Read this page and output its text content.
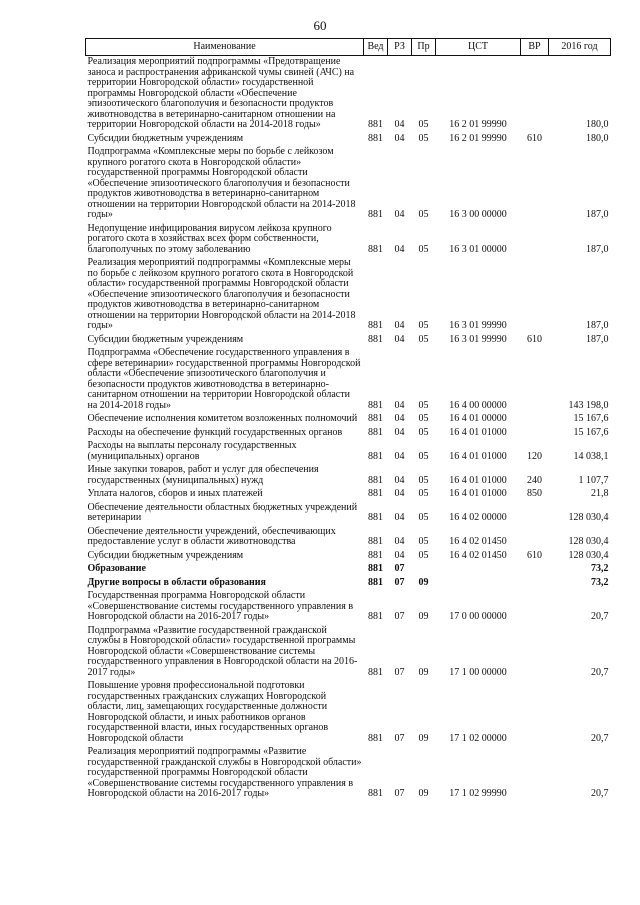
60
Наименование	Вед	РЗ	Пр	ЦСТ	ВР	2016 год
Реализация мероприятий подпрограммы «Предотвращение заноса и распространения африканской чумы свиней (АЧС) на территории Новгородской области» государственной программы Новгородской области «Обеспечение эпизоотического благополучия и безопасности продуктов животноводства в ветеринарно-санитарном отношении на территории Новгородской области на 2014-2018 годы»	881	04	05	16 2 01 99990		180,0
Субсидии бюджетным учреждениям	881	04	05	16 2 01 99990	610	180,0
Подпрограмма «Комплексные меры по борьбе с лейкозом крупного рогатого скота в Новгородской области» государственной программы Новгородской области «Обеспечение эпизоотического благополучия и безопасности продуктов животноводства в ветеринарно-санитарном отношении на территории Новгородской области на 2014-2018 годы»	881	04	05	16 3 00 00000		187,0
Недопущение инфицирования вирусом лейкоза крупного рогатого скота в хозяйствах всех форм собственности, благополучных по этому заболеванию	881	04	05	16 3 01 00000		187,0
Реализация мероприятий подпрограммы «Комплексные меры по борьбе с лейкозом крупного рогатого скота в Новгородской области» государственной программы Новгородской области «Обеспечение эпизоотического благополучия и безопасности продуктов животноводства в ветеринарно-санитарном отношении на территории Новгородской области на 2014-2018 годы»	881	04	05	16 3 01 99990		187,0
Субсидии бюджетным учреждениям	881	04	05	16 3 01 99990	610	187,0
Подпрограмма «Обеспечение государственного управления в сфере ветеринарии» государственной программы Новгородской области «Обеспечение эпизоотического благополучия и безопасности продуктов животноводства в ветеринарно-санитарном отношении на территории Новгородской области на 2014-2018 годы»	881	04	05	16 4 00 00000		143 198,0
Обеспечение исполнения комитетом возложенных полномочий	881	04	05	16 4 01 00000		15 167,6
Расходы на обеспечение функций государственных органов	881	04	05	16 4 01 01000		15 167,6
Расходы на выплаты персоналу государственных (муниципальных) органов	881	04	05	16 4 01 01000	120	14 038,1
Иные закупки товаров, работ и услуг для обеспечения государственных (муниципальных) нужд	881	04	05	16 4 01 01000	240	1 107,7
Уплата налогов, сборов и иных платежей	881	04	05	16 4 01 01000	850	21,8
Обеспечение деятельности областных бюджетных учреждений ветеринарии	881	04	05	16 4 02 00000		128 030,4
Обеспечение деятельности учреждений, обеспечивающих предоставление услуг в области животноводства	881	04	05	16 4 02 01450		128 030,4
Субсидии бюджетным учреждениям	881	04	05	16 4 02 01450	610	128 030,4
Образование	881	07				73,2
Другие вопросы в области образования	881	07	09			73,2
Государственная программа Новгородской области «Совершенствование системы государственного управления в Новгородской области на 2016-2017 годы»	881	07	09	17 0 00 00000		20,7
Подпрограмма «Развитие государственной гражданской службы в Новгородской области» государственной программы Новгородской области «Совершенствование системы государственного управления в Новгородской области на 2016-2017 годы»	881	07	09	17 1 00 00000		20,7
Повышение уровня профессиональной подготовки государственных гражданских служащих Новгородской области, лиц, замещающих государственные должности Новгородской области, и иных работников органов государственной власти, иных государственных органов Новгородской области	881	07	09	17 1 02 00000		20,7
Реализация мероприятий подпрограммы «Развитие государственной гражданской службы в Новгородской области» государственной программы Новгородской области «Совершенствование системы государственного управления в Новгородской области на 2016-2017 годы»	881	07	09	17 1 02 99990		20,7
